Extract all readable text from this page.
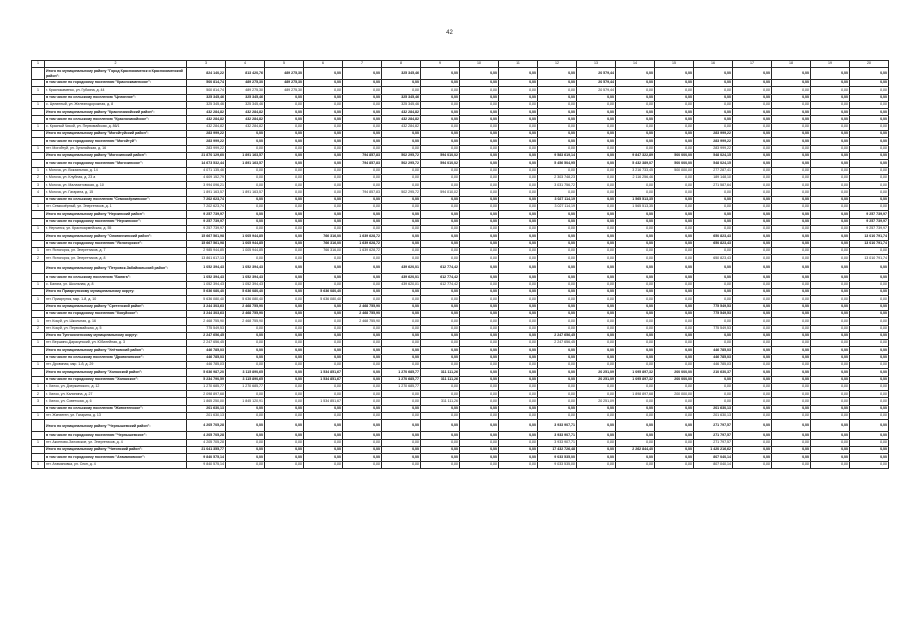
42
1	2	3	4	5	6	7	8	9	10	11	12	13	14	15	16	17	18	19	20
	Итого по муниципальному району "Город Краснокаменск и Краснокаменский район":	824 140,22	813 420,76	489 275,30	0,00	0,00	325 345,46	0,00	0,00	0,00	0,00	20 579,44	0,00	0,00	0,00	0,00	0,00	0,00	0,00
	в том числе по городскому поселению "Краснокаменское":	500 814,74	489 275,30	489 275,30	0,00	0,00	0,00	0,00	0,00	0,00	0,00	20 579,44	0,00	0,00	0,00	0,00	0,00	0,00	0,00
1	г. Краснокаменск, ул. Губкина, д. 44	500 814,74	489 275,30	489 275,30	0,00	0,00	0,00	0,00	0,00	0,00	0,00	20 579,44	0,00	0,00	0,00	0,00	0,00	0,00	0,00
	в том числе по сельскому поселению "Целинное":	325 345,46	325 345,46	0,00	0,00	0,00	325 345,46	0,00	0,00	0,00	0,00	0,00	0,00	0,00	0,00	0,00	0,00	0,00	0,00
1	с. Целинный, ул. Железнодорожная, д. 8	325 345,46	325 345,46	0,00	0,00	0,00	325 345,46	0,00	0,00	0,00	0,00	0,00	0,00	0,00	0,00	0,00	0,00	0,00	0,00
	Итого по муниципальному району "Красночикойский район":	432 284,82	432 284,82	0,00	0,00	0,00	432 284,82	0,00	0,00	0,00	0,00	0,00	0,00	0,00	0,00	0,00	0,00	0,00	0,00
	в том числе по сельскому поселению "Красночикойское":	432 284,82	432 284,82	0,00	0,00	0,00	432 284,82	0,00	0,00	0,00	0,00	0,00	0,00	0,00	0,00	0,00	0,00	0,00	0,00
1	с. Красный Чикой, ул. Первомайская, д. 86/1	432 284,82	432 284,82	0,00	0,00	0,00	432 284,82	0,00	0,00	0,00	0,00	0,00	0,00	0,00	0,00	0,00	0,00	0,00	0,00
	Итого по муниципальному району "Могойтуйский район":	283 999,22	0,00	0,00	0,00	0,00	0,00	0,00	0,00	0,00	0,00	0,00	0,00	0,00	283 999,22	0,00	0,00	0,00	0,00
	в том числе по городскому поселению "Могойтуй":	283 999,22	0,00	0,00	0,00	0,00	0,00	0,00	0,00	0,00	0,00	0,00	0,00	0,00	283 999,22	0,00	0,00	0,00	0,00
1	пгт. Могойтуй, ул. Зугалайская, д. 16	283 999,22	0,00	0,00	0,00	0,00	0,00	0,00	0,00	0,00	0,00	0,00	0,00	0,00	283 999,22	0,00	0,00	0,00	0,00
	Итого по муниципальному району "Могочинский район":	21 870 129,60	1 891 163,57	0,00	0,00	794 857,83	502 295,72	594 010,02	0,00	0,00	9 583 619,14	0,00	9 847 322,89	500 000,00	548 024,15	0,00	0,00	0,00	0,00
	в том числе по городскому поселению "Могочинское":	14 673 532,44	1 891 163,57	0,00	0,00	794 857,83	502 295,72	594 010,02	0,00	0,00	5 456 504,95	0,00	5 432 389,07	500 000,00	548 024,15	0,00	0,00	0,00	0,00
1	г. Могоча, ул. Вокзальная, д. 14	4 071 135,46	0,00	0,00	0,00	0,00	0,00	0,00	0,00	0,00	0,00	0,00	3 216 733,45	500 000,00	277 287,41	0,00	0,00	0,00	0,00
2	г. Могоча, ул. Клубная, д. 23 а	4 609 152,79	0,00	0,00	0,00	0,00	0,00	0,00	0,00	0,00	2 303 748,23	0,00	2 116 256,46	0,00	189 148,10	0,00	0,00	0,00	0,00
3	г. Могоча, ул. Малахитовская, д. 10	3 994 096,21	0,00	0,00	0,00	0,00	0,00	0,00	0,00	0,00	3 031 756,72	0,00	0,00	0,00	271 587,64	0,00	0,00	0,00	0,00
4	г. Могоча, ул. Гагарина, д. 15	1 891 163,57	1 891 163,57	0,00	0,00	794 857,83	502 295,72	594 010,02	0,00	0,00	0,00	0,00	0,00	0,00	0,00	0,00	0,00	0,00	0,00
	в том числе по сельскому поселению "Семиозёрнинское":	7 202 623,74	0,00	0,00	0,00	0,00	0,00	0,00	0,00	0,00	3 027 114,19	0,00	1 565 513,35	0,00	0,00	0,00	0,00	0,00	0,00
1	пгт. Семиозёрный, ул. Энергетиков, д. 1	7 202 623,74	0,00	0,00	0,00	0,00	0,00	0,00	0,00	0,00	3 027 114,19	0,00	1 565 513,35	0,00	0,00	0,00	0,00	0,00	0,00
	Итого по муниципальному району "Нерчинский район":	9 257 739,97	0,00	0,00	0,00	0,00	0,00	0,00	0,00	0,00	0,00	0,00	0,00	0,00	0,00	0,00	0,00	0,00	9 257 739,97
	в том числе по городскому поселению "Нерчинское":	9 257 739,97	0,00	0,00	0,00	0,00	0,00	0,00	0,00	0,00	0,00	0,00	0,00	0,00	0,00	0,00	0,00	0,00	9 257 739,97
1	г. Нерчинск, ул. Красноармейская, д. 55	9 257 739,97	0,00	0,00	0,00	0,00	0,00	0,00	0,00	0,00	0,00	0,00	0,00	0,00	0,00	0,00	0,00	0,00	9 257 739,97
	Итого по муниципальному району "Оловяннинский район":	15 667 561,98	1 005 944,85	0,00	766 316,00	1 639 628,72	0,00	0,00	0,00	0,00	0,00	0,00	0,00	0,00	650 823,43	0,00	0,00	0,00	13 010 791,74
	в том числе по городскому поселению "Ясногорское":	15 667 561,98	1 005 944,85	0,00	766 316,00	1 639 628,72	0,00	0,00	0,00	0,00	0,00	0,00	0,00	0,00	650 823,43	0,00	0,00	0,00	13 010 791,74
1	пгт. Ясногорск, ул. Энергетиков, д. 7	2 985 944,85	1 005 944,85	0,00	766 316,00	1 639 628,72	0,00	0,00	0,00	0,00	0,00	0,00	0,00	0,00	0,00	0,00	0,00	0,00	0,00
2	пгт. Ясногорск, ул. Энергетиков, д. 8	13 861 617,13	0,00	0,00	0,00	0,00	0,00	0,00	0,00	0,00	0,00	0,00	0,00	0,00	650 823,43	0,00	0,00	0,00	13 010 791,74
	Итого по муниципальному району "Петровск-Забайкальский район":	1 052 394,43	1 052 394,43	0,00	0,00	0,00	439 620,01	612 774,42	0,00	0,00	0,00	0,00	0,00	0,00	0,00	0,00	0,00	0,00	0,00
	в том числе по сельскому поселению "Баляга":	1 052 394,43	1 052 394,43	0,00	0,00	0,00	439 620,01	612 774,42	0,00	0,00	0,00	0,00	0,00	0,00	0,00	0,00	0,00	0,00	0,00
1	с. Баляга, ул. Школьная, д. 8	1 052 394,43	1 052 394,43	0,00	0,00	0,00	439 620,01	612 774,42	0,00	0,00	0,00	0,00	0,00	0,00	0,00	0,00	0,00	0,00	0,00
	Итого по Приаргунскому муниципальному округу:	5 636 080,40	5 636 080,40	0,00	5 636 080,40	0,00	0,00	0,00	0,00	0,00	0,00	0,00	0,00	0,00	0,00	0,00	0,00	0,00	0,00
1	пгт. Приаргунск, мкр. 1-й, д. 10	5 636 080,40	5 636 080,40	0,00	5 636 080,40	0,00	0,00	0,00	0,00	0,00	0,00	0,00	0,00	0,00	0,00	0,00	0,00	0,00	0,00
	Итого по муниципальному району "Сретенский район":	3 244 303,63	2 468 755,90	0,00	0,00	2 468 755,90	0,00	0,00	0,00	0,00	0,00	0,00	0,00	0,00	775 549,53	0,00	0,00	0,00	0,00
	в том числе по городскому поселению "Кокуйское":	3 244 303,63	2 468 755,90	0,00	0,00	2 468 755,90	0,00	0,00	0,00	0,00	0,00	0,00	0,00	0,00	775 549,53	0,00	0,00	0,00	0,00
1	пгт. Кокуй, ул. Школьная, д. 16	2 468 755,90	2 468 755,90	0,00	0,00	2 468 755,90	0,00	0,00	0,00	0,00	0,00	0,00	0,00	0,00	0,00	0,00	0,00	0,00	0,00
2	пгт. Кокуй, ул. Первомайская, д. 5	775 549,53	0,00	0,00	0,00	0,00	0,00	0,00	0,00	0,00	0,00	0,00	0,00	0,00	775 549,53	0,00	0,00	0,00	0,00
	Итого по Тунгокоченскому муниципальному округу:	2 247 656,45	0,00	0,00	0,00	0,00	0,00	0,00	0,00	0,00	2 247 656,45	0,00	0,00	0,00	0,00	0,00	0,00	0,00	0,00
1	пгт. Вершино-Дарасунский, ул. Юбилейная, д. 3	2 247 656,45	0,00	0,00	0,00	0,00	0,00	0,00	0,00	0,00	2 247 656,45	0,00	0,00	0,00	0,00	0,00	0,00	0,00	0,00
	Итого по муниципальному району "Улётовский район":	446 785,03	0,00	0,00	0,00	0,00	0,00	0,00	0,00	0,00	0,00	0,00	0,00	0,00	446 785,03	0,00	0,00	0,00	0,00
	в том числе по сельскому поселению "Дровянинское":	446 785,03	0,00	0,00	0,00	0,00	0,00	0,00	0,00	0,00	0,00	0,00	0,00	0,00	446 785,03	0,00	0,00	0,00	0,00
1	пгт. Дровяная, мкр. 1-й, д. 29	446 785,03	0,00	0,00	0,00	0,00	0,00	0,00	0,00	0,00	0,00	0,00	0,00	0,00	446 785,03	0,00	0,00	0,00	0,00
	Итого по муниципальному району "Хилокский район":	5 636 987,20	3 115 890,65	0,00	1 534 851,67	0,00	1 270 685,77	311 111,26	0,00	0,00	0,00	20 251,09	1 095 897,32	200 000,00	210 630,37	0,00	0,00	0,00	0,00
	в том числе по городскому поселению "Хилокское":	5 234 790,59	3 115 890,65	0,00	1 534 851,67	0,00	1 270 685,77	311 111,26	0,00	0,00	0,00	20 251,09	1 095 897,32	200 000,00	0,00	0,00	0,00	0,00	0,00
1	г. Хилок, ул. Дзержинского, д. 12	1 270 685,77	1 270 685,77	0,00	0,00	0,00	1 270 685,77	0,00	0,00	0,00	0,00	0,00	0,00	0,00	0,00	0,00	0,00	0,00	0,00
2	г. Хилок, ул. Калинина, д. 27	2 098 897,68	0,00	0,00	0,00	0,00	0,00	0,00	0,00	0,00	0,00	0,00	1 898 897,68	200 000,00	0,00	0,00	0,00	0,00	0,00
3	г. Хилок, ул. Советская, д. 6	1 865 250,00	1 845 120,91	0,00	1 534 851,67	0,00	0,00	311 111,26	0,00	0,00	0,00	20 251,09	0,00	0,00	0,00	0,00	0,00	0,00	0,00
	в том числе по сельскому поселению "Жипхегенское":	201 630,13	0,00	0,00	0,00	0,00	0,00	0,00	0,00	0,00	0,00	0,00	0,00	0,00	201 630,13	0,00	0,00	0,00	0,00
1	пгт. Жипхеген, ул. Гагарина, д. 13	201 630,13	0,00	0,00	0,00	0,00	0,00	0,00	0,00	0,00	0,00	0,00	0,00	0,00	201 630,13	0,00	0,00	0,00	0,00
	Итого по муниципальному району "Чернышевский район":	4 205 705,28	0,00	0,00	0,00	0,00	0,00	0,00	0,00	0,00	3 933 907,71	0,00	0,00	0,00	271 797,57	0,00	0,00	0,00	0,00
	в том числе по городскому поселению "Чернышевское":	4 205 705,28	0,00	0,00	0,00	0,00	0,00	0,00	0,00	0,00	3 933 907,71	0,00	0,00	0,00	271 797,57	0,00	0,00	0,00	0,00
1	пгт. Аксеново-Зиловское, ул. Энергетиков, д. 4	4 205 705,28	0,00	0,00	0,00	0,00	0,00	0,00	0,00	0,00	3 933 907,71	0,00	0,00	0,00	271 797,57	0,00	0,00	0,00	0,00
	Итого по муниципальному району "Читинский район":	21 041 355,77	0,00	0,00	0,00	0,00	0,00	0,00	0,00	0,00	17 432 726,48	0,00	2 262 844,40	0,00	1 420 216,62	0,00	0,00	0,00	0,00
	в том числе по городскому поселению "Атамановское":	9 840 575,14	0,00	0,00	0,00	0,00	0,00	0,00	0,00	0,00	9 033 535,00	0,00	0,00	0,00	807 040,14	0,00	0,00	0,00	0,00
1	пгт. Атамановка, ул. Спкп, д. 4	9 840 575,14	0,00	0,00	0,00	0,00	0,00	0,00	0,00	0,00	9 033 535,00	0,00	0,00	0,00	807 040,14	0,00	0,00	0,00	0,00
